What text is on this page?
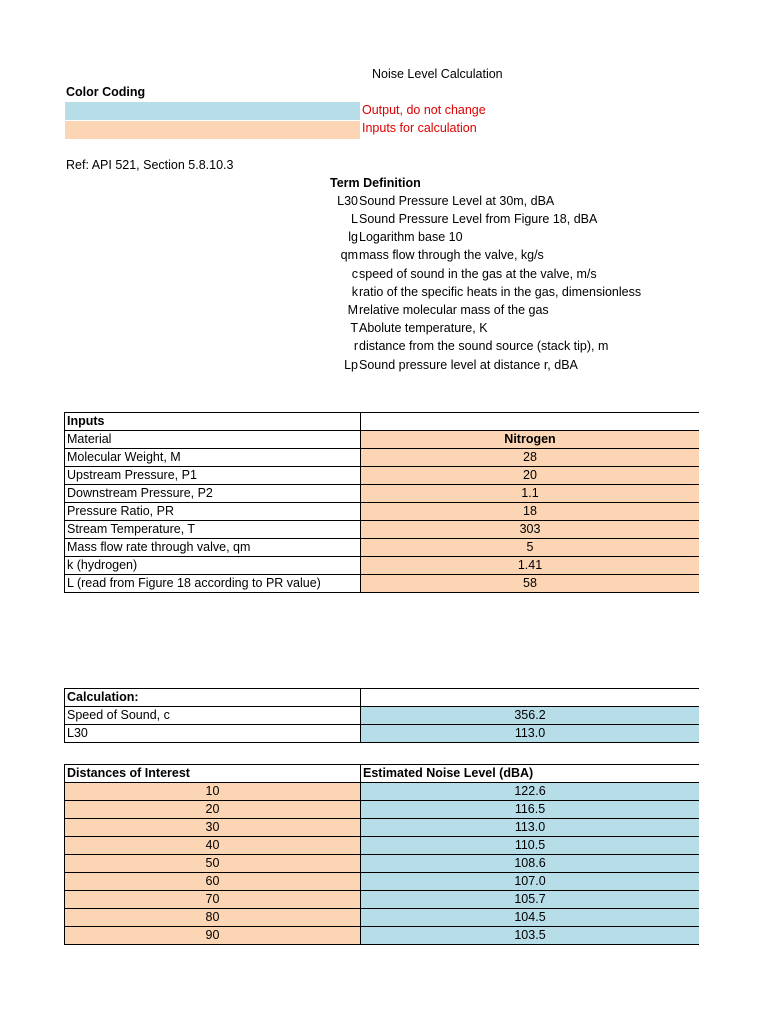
Noise Level Calculation
Color Coding
Output, do not change
Inputs for calculation
Ref: API 521, Section 5.8.10.3
Term Definition
L30 Sound Pressure Level at 30m, dBA
L Sound Pressure Level from Figure 18, dBA
lg Logarithm base 10
qm mass flow through the valve, kg/s
c speed of sound in the gas at the valve, m/s
k ratio of the specific heats in the gas, dimensionless
M relative molecular mass of the gas
T Abolute temperature, K
r distance from the sound source (stack tip), m
Lp Sound pressure level at distance r, dBA
Inputs	
Material	Nitrogen
Molecular Weight, M	28
Upstream Pressure, P1	20
Downstream Pressure, P2	1.1
Pressure Ratio, PR	18
Stream Temperature, T	303
Mass flow rate through valve, qm	5
k (hydrogen)	1.41
L (read from Figure 18 according to PR value)	58
Calculation:	
Speed of Sound, c	356.2
L30	113.0
Distances of Interest	Estimated Noise Level (dBA)
10	122.6
20	116.5
30	113.0
40	110.5
50	108.6
60	107.0
70	105.7
80	104.5
90	103.5
